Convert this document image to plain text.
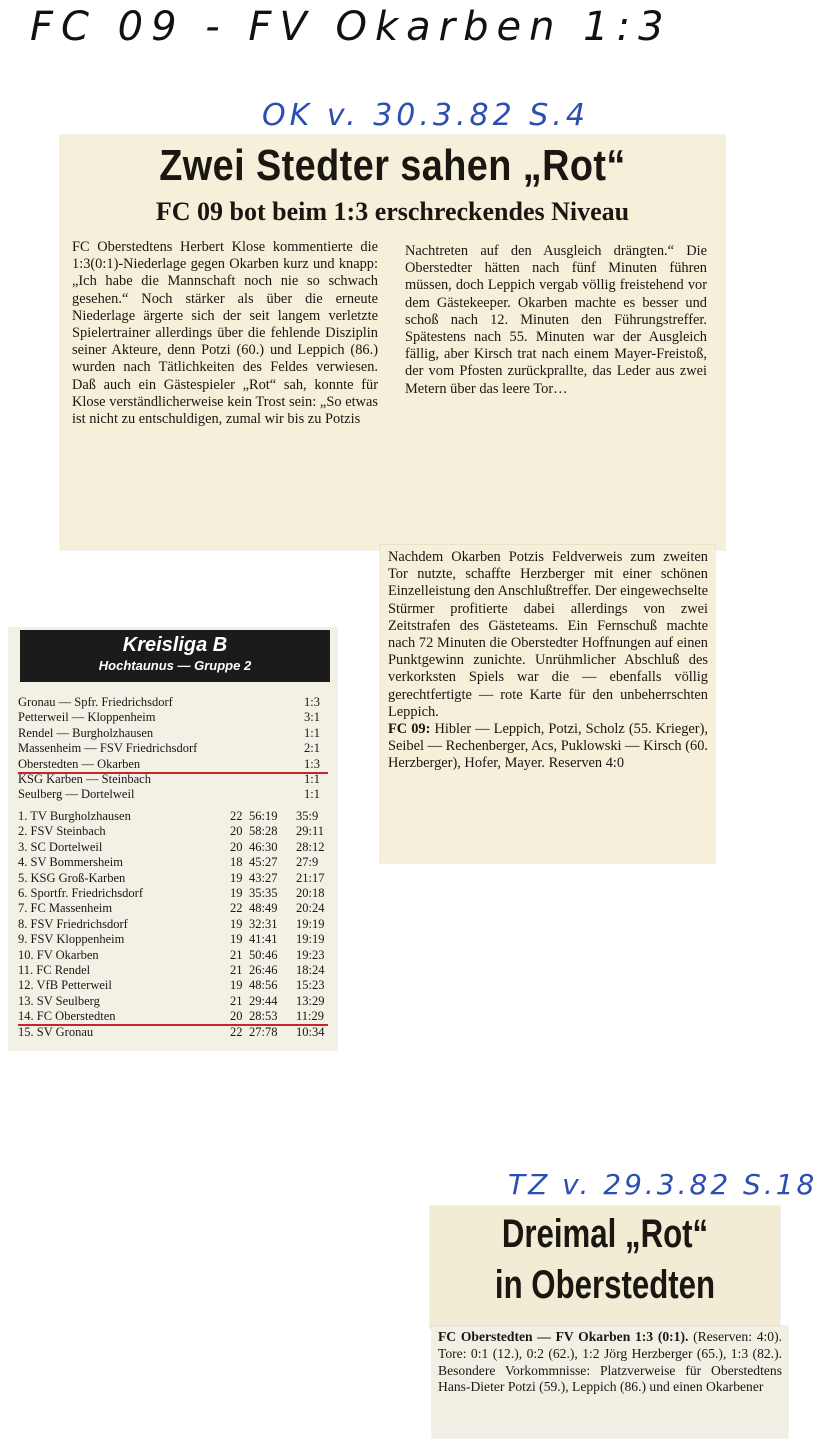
FC 09 - FV Okarben 1:3
OK v. 30.3.82 S.4
TZ v. 29.3.82 S.18
Zwei Stedter sahen „Rot“
FC 09 bot beim 1:3 erschreckendes Niveau
FC Oberstedtens Herbert Klose kommentierte die 1:3(0:1)-Niederlage gegen Okarben kurz und knapp: „Ich habe die Mannschaft noch nie so schwach gesehen.“ Noch stärker als über die erneute Niederlage ärgerte sich der seit langem verletzte Spielertrainer allerdings über die fehlende Disziplin seiner Akteure, denn Potzi (60.) und Leppich (86.) wurden nach Tätlichkeiten des Feldes verwiesen. Daß auch ein Gästespieler „Rot“ sah, konnte für Klose verständlicherweise kein Trost sein: „So etwas ist nicht zu entschuldigen, zumal wir bis zu Potzis
Nachtreten auf den Ausgleich drängten.“ Die Oberstedter hätten nach fünf Minuten führen müssen, doch Leppich vergab völlig freistehend vor dem Gästekeeper. Okarben machte es besser und schoß nach 12. Minuten den Führungstreffer. Spätestens nach 55. Minuten war der Ausgleich fällig, aber Kirsch trat nach einem Mayer-Freistoß, der vom Pfosten zurückprallte, das Leder aus zwei Metern über das leere Tor…

Nachdem Okarben Potzis Feldverweis zum zweiten Tor nutzte, schaffte Herzberger mit einer schönen Einzelleistung den Anschlußtreffer. Der eingewechselte Stürmer profitierte dabei allerdings von zwei Zeitstrafen des Gästeteams. Ein Fernschuß machte nach 72 Minuten die Oberstedter Hoffnungen auf einen Punktgewinn zunichte. Unrühmlicher Abschluß des verkorksten Spiels war die — ebenfalls völlig gerechtfertigte — rote Karte für den unbeherrschten Leppich.

FC 09: Hibler — Leppich, Potzi, Scholz (55. Krieger), Seibel — Rechenberger, Acs, Puklowski — Kirsch (60. Herzberger), Hofer, Mayer. Reserven 4:0

Kreisliga B
Hochtaunus — Gruppe 2
Gronau — Spfr. Friedrichsdorf	1:3
Petterweil — Kloppenheim	3:1
Rendel — Burgholzhausen	1:1
Massenheim — FSV Friedrichsdorf	2:1
Oberstedten — Okarben	1:3
KSG Karben — Steinbach	1:1
Seulberg — Dortelweil	1:1
1. TV Burgholzhausen	22 56:19 35:9
2. FSV Steinbach	20 58:28 29:11
3. SC Dortelweil	20 46:30 28:12
4. SV Bommersheim	18 45:27 27:9
5. KSG Groß-Karben	19 43:27 21:17
6. Sportfr. Friedrichsdorf	19 35:35 20:18
7. FC Massenheim	22 48:49 20:24
8. FSV Friedrichsdorf	19 32:31 19:19
9. FSV Kloppenheim	19 41:41 19:19
10. FV Okarben	21 50:46 19:23
11. FC Rendel	21 26:46 18:24
12. VfB Petterweil	19 48:56 15:23
13. SV Seulberg	21 29:44 13:29
14. FC Oberstedten	20 28:53 11:29
15. SV Gronau	22 27:78 10:34
Dreimal „Rot“
in Oberstedten

FC Oberstedten — FV Okarben 1:3 (0:1). (Reserven: 4:0). Tore: 0:1 (12.), 0:2 (62.), 1:2 Jörg Herzberger (65.), 1:3 (82.). Besondere Vorkommnisse: Platzverweise für Oberstedtens Hans-Dieter Potzi (59.), Leppich (86.) und einen Okarbener
